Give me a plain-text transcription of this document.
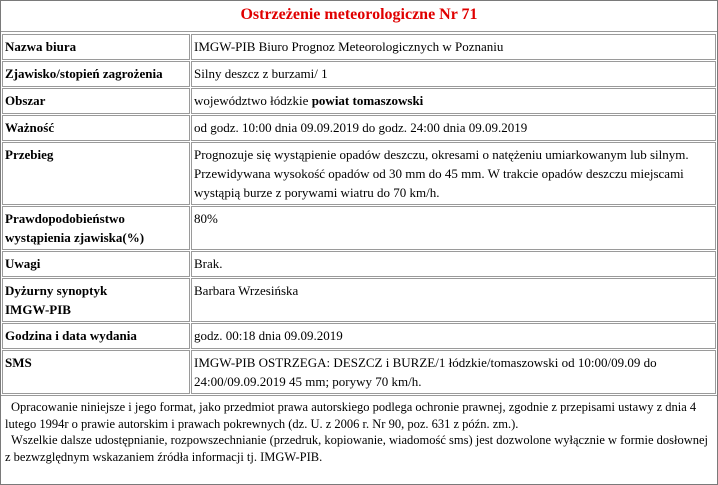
Ostrzeżenie meteorologiczne Nr 71
Nazwa biura	IMGW-PIB Biuro Prognoz Meteorologicznych w Poznaniu
Zjawisko/stopień zagrożenia	Silny deszcz z burzami/ 1
Obszar	województwo łódzkie powiat tomaszowski
Ważność	od godz. 10:00 dnia 09.09.2019 do godz. 24:00 dnia 09.09.2019
Przebieg	Prognozuje się wystąpienie opadów deszczu, okresami o natężeniu umiarkowanym lub silnym. Przewidywana wysokość opadów od 30 mm do 45 mm. W trakcie opadów deszczu miejscami wystąpią burze z porywami wiatru do 70 km/h.
Prawdopodobieństwo
wystąpienia zjawiska(%)	80%
Uwagi	Brak.
Dyżurny synoptyk
IMGW-PIB	Barbara Wrzesińska
Godzina i data wydania	godz. 00:18 dnia 09.09.2019
SMS	IMGW-PIB OSTRZEGA: DESZCZ i BURZE/1 łódzkie/tomaszowski od 10:00/09.09 do 24:00/09.09.2019 45 mm; porywy 70 km/h.

Opracowanie niniejsze i jego format, jako przedmiot prawa autorskiego podlega ochronie prawnej, zgodnie z przepisami ustawy z dnia 4 lutego 1994r o prawie autorskim i prawach pokrewnych (dz. U. z 2006 r. Nr 90, poz. 631 z późn. zm.).

Wszelkie dalsze udostępnianie, rozpowszechnianie (przedruk, kopiowanie, wiadomość sms) jest dozwolone wyłącznie w formie dosłownej z bezwzględnym wskazaniem źródła informacji tj. IMGW-PIB.
